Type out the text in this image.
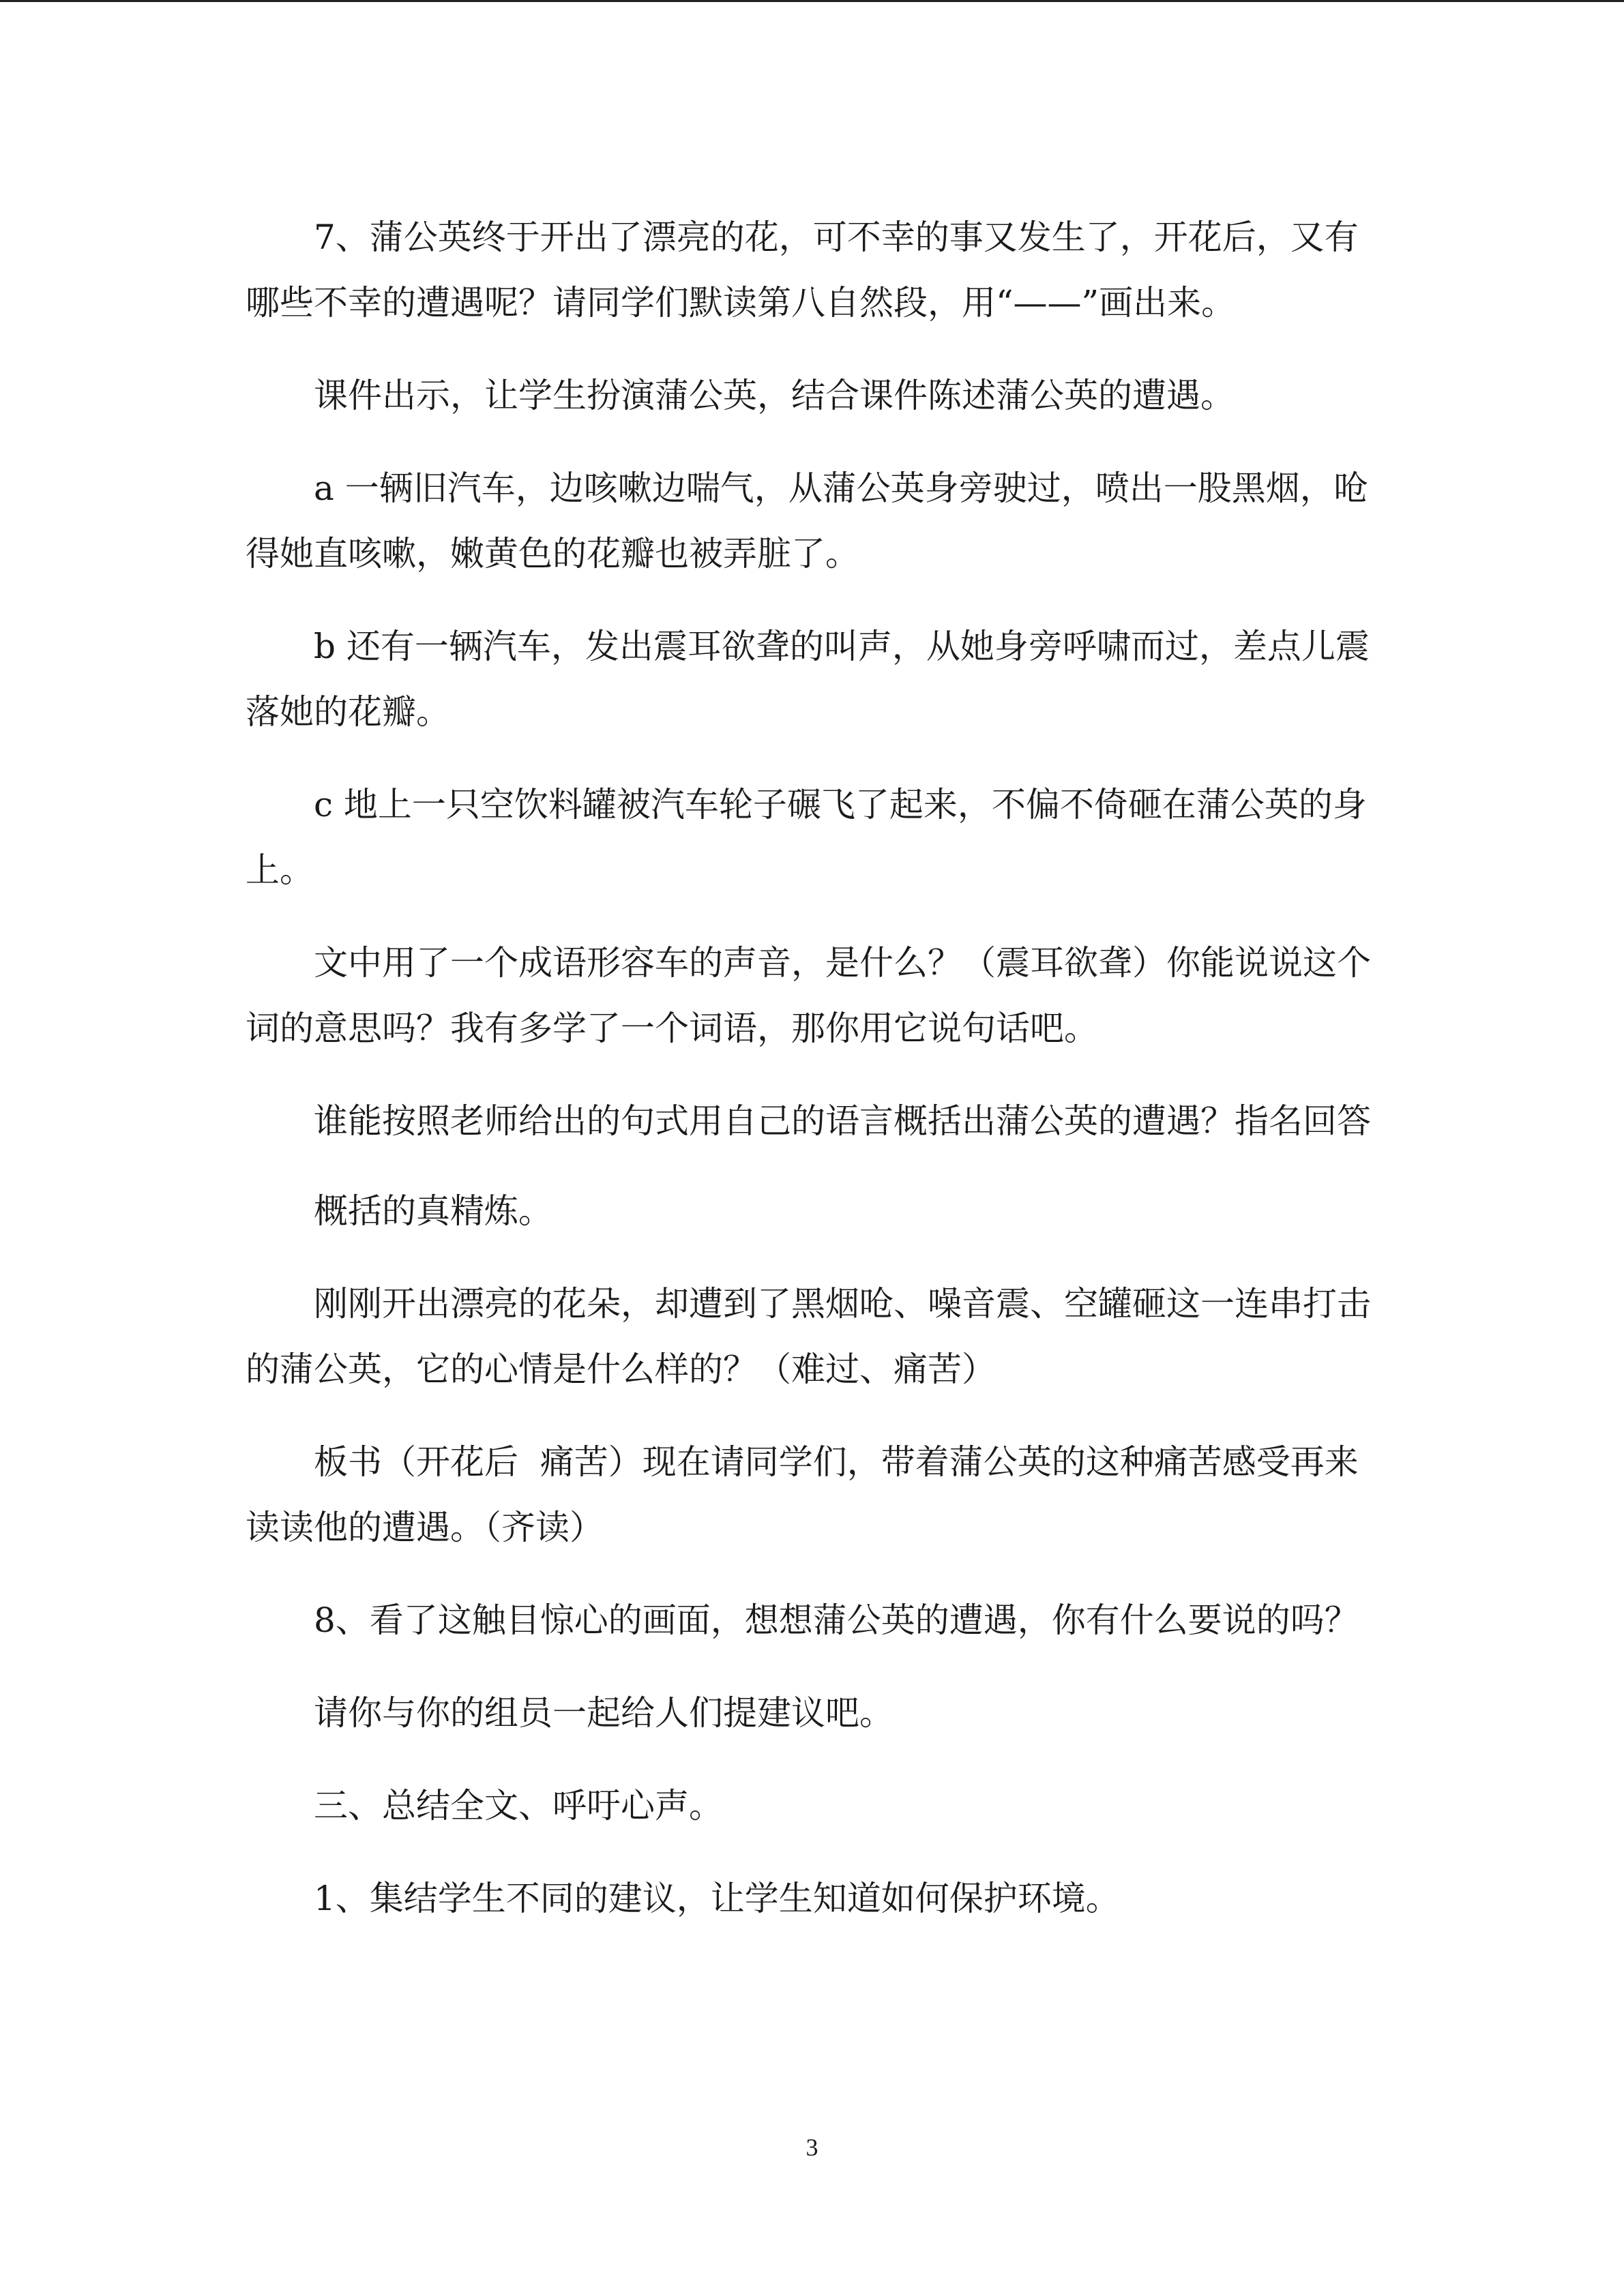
7、蒲公英终于开出了漂亮的花，可不幸的事又发生了，开花后，又有哪些不幸的遭遇呢？请同学们默读第八自然段，用“——”画出来。

课件出示，让学生扮演蒲公英，结合课件陈述蒲公英的遭遇。

a 一辆旧汽车，边咳嗽边喘气，从蒲公英身旁驶过，喷出一股黑烟，呛得她直咳嗽，嫩黄色的花瓣也被弄脏了。

b 还有一辆汽车，发出震耳欲聋的叫声，从她身旁呼啸而过，差点儿震落她的花瓣。

c 地上一只空饮料罐被汽车轮子碾飞了起来，不偏不倚砸在蒲公英的身上。

文中用了一个成语形容车的声音，是什么？（震耳欲聋）你能说说这个词的意思吗？我有多学了一个词语，那你用它说句话吧。

谁能按照老师给出的句式用自己的语言概括出蒲公英的遭遇？指名回答

概括的真精炼。

刚刚开出漂亮的花朵，却遭到了黑烟呛、噪音震、空罐砸这一连串打击的蒲公英，它的心情是什么样的？（难过、痛苦）

板书（开花后  痛苦）现在请同学们，带着蒲公英的这种痛苦感受再来读读他的遭遇。（齐读）

8、看了这触目惊心的画面，想想蒲公英的遭遇，你有什么要说的吗？

请你与你的组员一起给人们提建议吧。

三、总结全文、呼吁心声。

1、集结学生不同的建议，让学生知道如何保护环境。

3
